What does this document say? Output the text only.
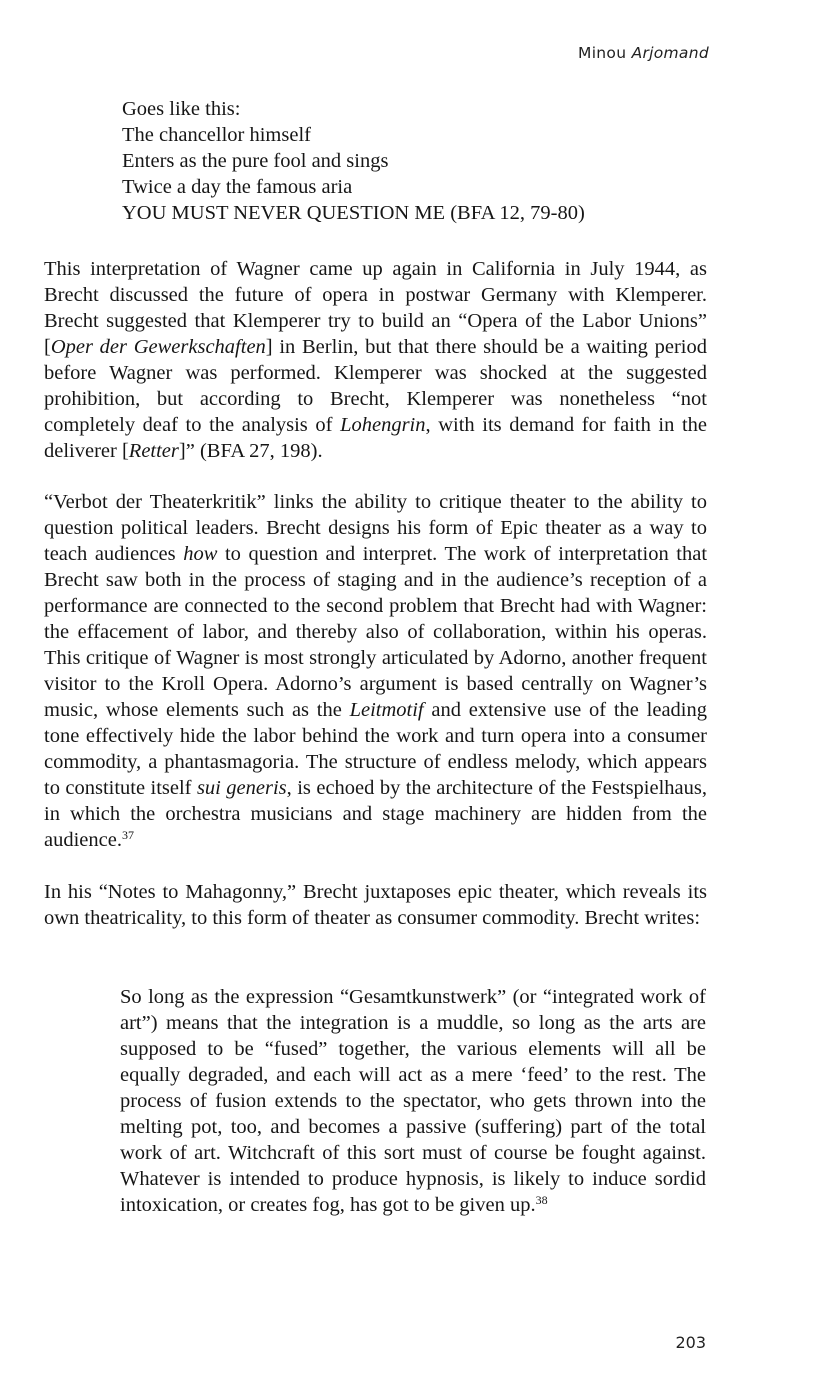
Minou Arjomand
Goes like this:
The chancellor himself
Enters as the pure fool and sings
Twice a day the famous aria
YOU MUST NEVER QUESTION ME (BFA 12, 79-80)

This interpretation of Wagner came up again in California in July 1944, as Brecht discussed the future of opera in postwar Germany with Klemperer. Brecht suggested that Klemperer try to build an “Opera of the Labor Unions” [Oper der Gewerkschaften] in Berlin, but that there should be a waiting period before Wagner was performed. Klemperer was shocked at the suggested prohibition, but according to Brecht, Klemperer was nonetheless “not completely deaf to the analysis of Lohengrin, with its demand for faith in the deliverer [Retter]” (BFA 27, 198).

“Verbot der Theaterkritik” links the ability to critique theater to the ability to question political leaders. Brecht designs his form of Epic theater as a way to teach audiences how to question and interpret. The work of interpretation that Brecht saw both in the process of staging and in the audience’s reception of a performance are connected to the second problem that Brecht had with Wagner: the effacement of labor, and thereby also of collaboration, within his operas. This critique of Wagner is most strongly articulated by Adorno, another frequent visitor to the Kroll Opera. Adorno’s argument is based centrally on Wagner’s music, whose elements such as the Leitmotif and extensive use of the leading tone effectively hide the labor behind the work and turn opera into a consumer commodity, a phantasmagoria. The structure of endless melody, which appears to constitute itself sui generis, is echoed by the architecture of the Festspielhaus, in which the orchestra musicians and stage machinery are hidden from the audience.$^{37}$

In his “Notes to Mahagonny,” Brecht juxtaposes epic theater, which reveals its own theatricality, to this form of theater as consumer commodity. Brecht writes:

So long as the expression “Gesamtkunstwerk” (or “integrated work of art”) means that the integration is a muddle, so long as the arts are supposed to be “fused” together, the various elements will all be equally degraded, and each will act as a mere ‘feed’ to the rest. The process of fusion extends to the spectator, who gets thrown into the melting pot, too, and becomes a passive (suffering) part of the total work of art. Witchcraft of this sort must of course be fought against. Whatever is intended to produce hypnosis, is likely to induce sordid intoxication, or creates fog, has got to be given up.$^{38}$

203
